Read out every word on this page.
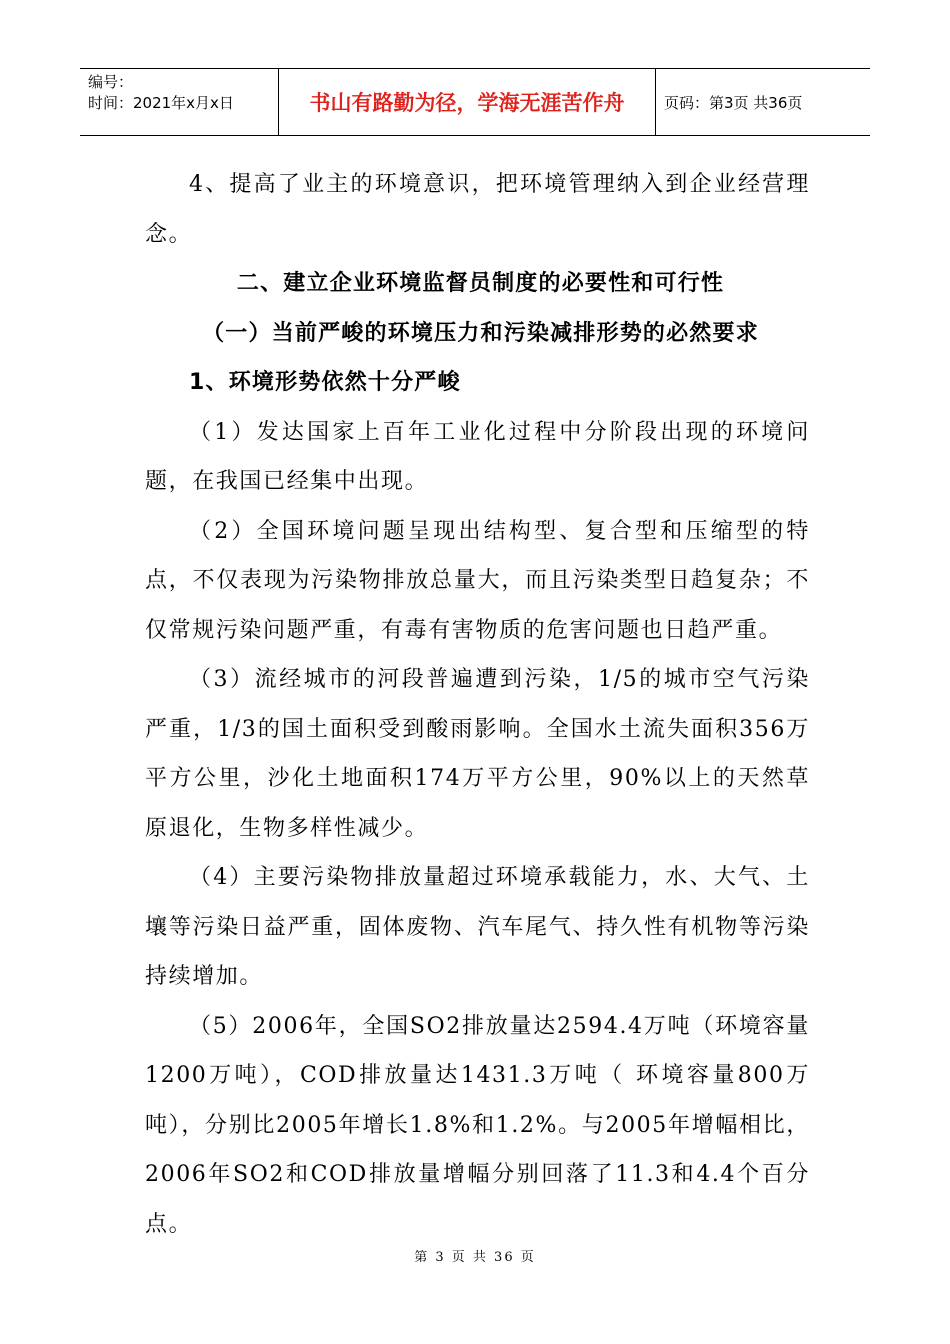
编号：
时间：2021年x月x日	书山有路勤为径，学海无涯苦作舟	页码：第3页 共36页

4、提高了业主的环境意识，把环境管理纳入到企业经营理念。

二、建立企业环境监督员制度的必要性和可行性

（一）当前严峻的环境压力和污染减排形势的必然要求

1、环境形势依然十分严峻

（1）发达国家上百年工业化过程中分阶段出现的环境问题，在我国已经集中出现。

（2）全国环境问题呈现出结构型、复合型和压缩型的特点，不仅表现为污染物排放总量大，而且污染类型日趋复杂；不仅常规污染问题严重，有毒有害物质的危害问题也日趋严重。

（3）流经城市的河段普遍遭到污染，1/5的城市空气污染严重，1/3的国土面积受到酸雨影响。全国水土流失面积356万平方公里，沙化土地面积174万平方公里，90%以上的天然草原退化，生物多样性减少。

（4）主要污染物排放量超过环境承载能力，水、大气、土壤等污染日益严重，固体废物、汽车尾气、持久性有机物等污染持续增加。

（5）2006年，全国SO2排放量达2594.4万吨（环境容量1200万吨），COD排放量达1431.3万吨（ 环境容量800万吨），分别比2005年增长1.8%和1.2%。与2005年增幅相比，2006年SO2和COD排放量增幅分别回落了11.3和4.4个百分点。

第 3 页 共 36 页
